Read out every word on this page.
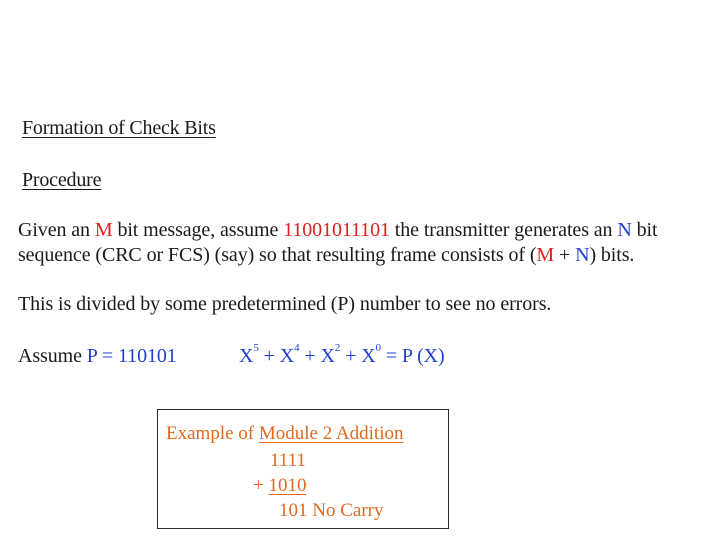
Formation of Check Bits
Procedure
Given an M bit message, assume 11001011101 the transmitter generates an N bit
sequence (CRC or FCS) (say) so that resulting frame consists of (M + N) bits.
This is divided by some predetermined (P) number to see no errors.
Assume P = 110101	$X^5 + X^4 + X^2 + X^0 = P$ (X)
Example of Module 2 Addition
1111
+ 1010
101 No Carry
